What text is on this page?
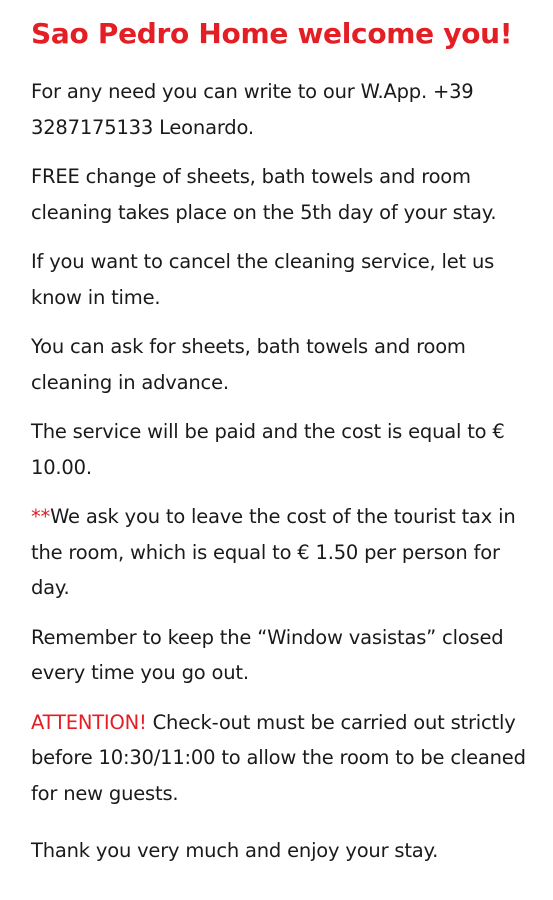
Sao Pedro Home welcome you!

For any need you can write to our W.App. +39 3287175133 Leonardo.

FREE change of sheets, bath towels and room cleaning takes place on the 5th day of your stay.

If you want to cancel the cleaning service, let us know in time.

You can ask for sheets, bath towels and room cleaning in advance.

The service will be paid and the cost is equal to € 10.00.

**We ask you to leave the cost of the tourist tax in the room, which is equal to € 1.50 per person for day.

Remember to keep the “Window vasistas” closed every time you go out.

ATTENTION! Check-out must be carried out strictly before 10:30/11:00 to allow the room to be cleaned for new guests.

Thank you very much and enjoy your stay.
